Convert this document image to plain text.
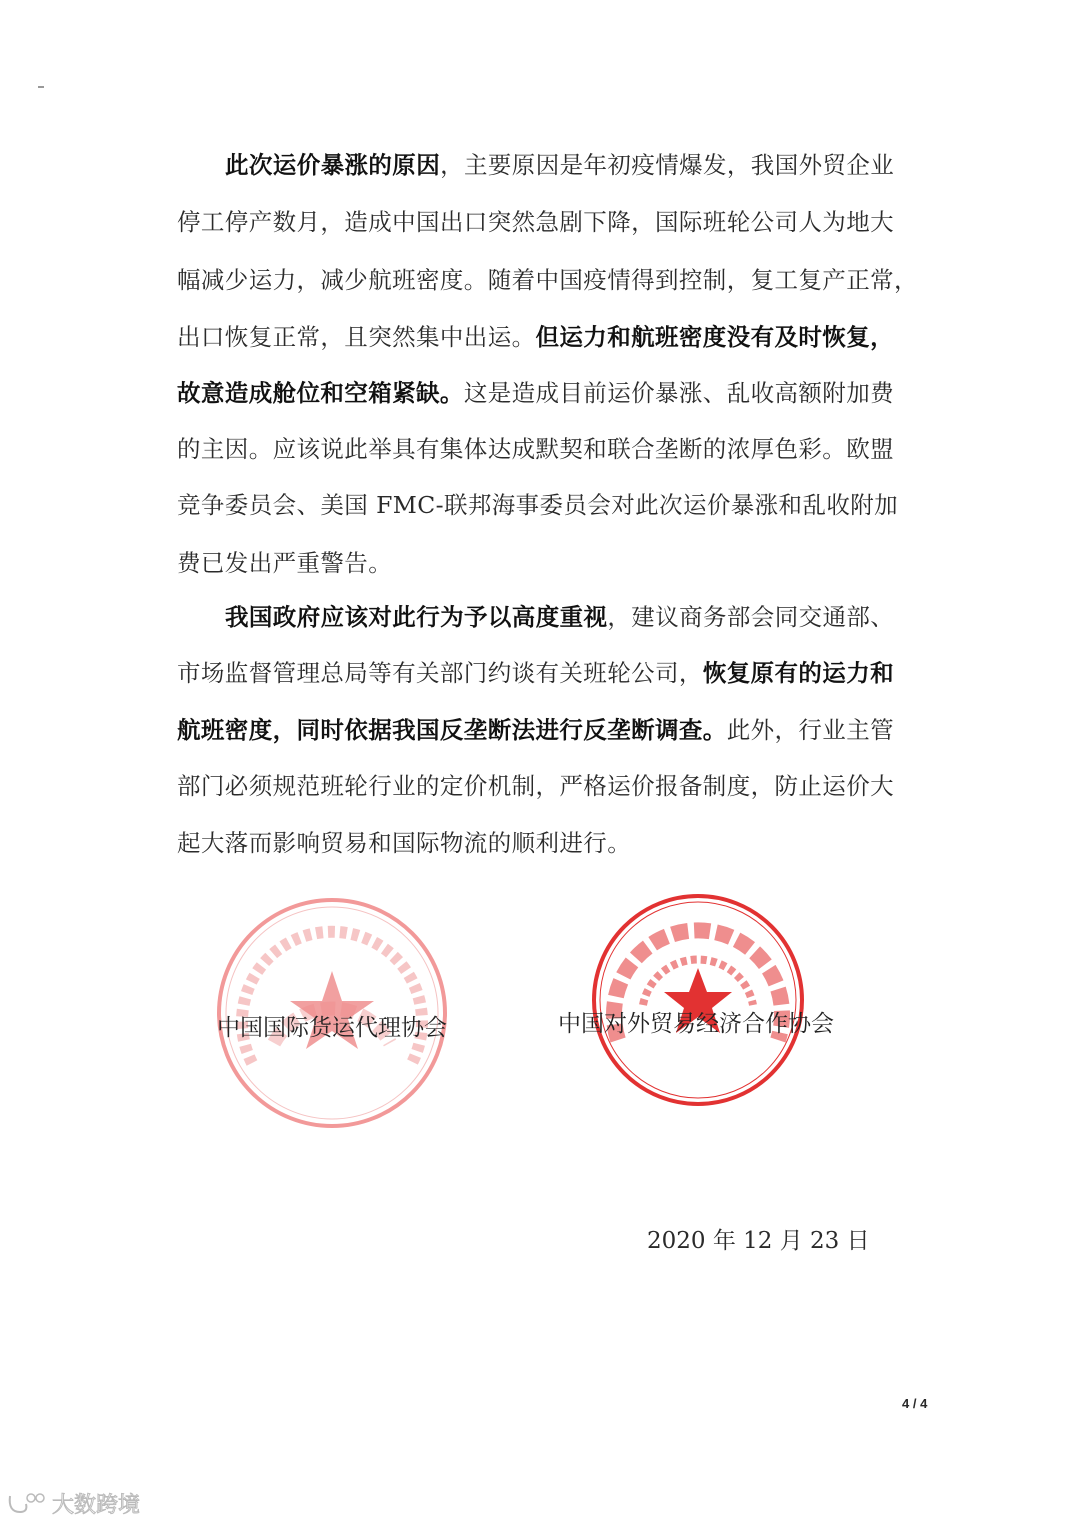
此次运价暴涨的原因，主要原因是年初疫情爆发，我国外贸企业
停工停产数月，造成中国出口突然急剧下降，国际班轮公司人为地大
幅减少运力，减少航班密度。随着中国疫情得到控制，复工复产正常，
出口恢复正常，且突然集中出运。但运力和航班密度没有及时恢复，
故意造成舱位和空箱紧缺。这是造成目前运价暴涨、乱收高额附加费
的主因。应该说此举具有集体达成默契和联合垄断的浓厚色彩。欧盟
竞争委员会、美国 FMC-联邦海事委员会对此次运价暴涨和乱收附加
费已发出严重警告。
我国政府应该对此行为予以高度重视，建议商务部会同交通部、
市场监督管理总局等有关部门约谈有关班轮公司，恢复原有的运力和
航班密度，同时依据我国反垄断法进行反垄断调查。此外，行业主管
部门必须规范班轮行业的定价机制，严格运价报备制度，防止运价大
起大落而影响贸易和国际物流的顺利进行。
中国国际货运代理协会	中国对外贸易经济合作协会
2020 年 12 月 23 日
4 / 4
大数跨境
